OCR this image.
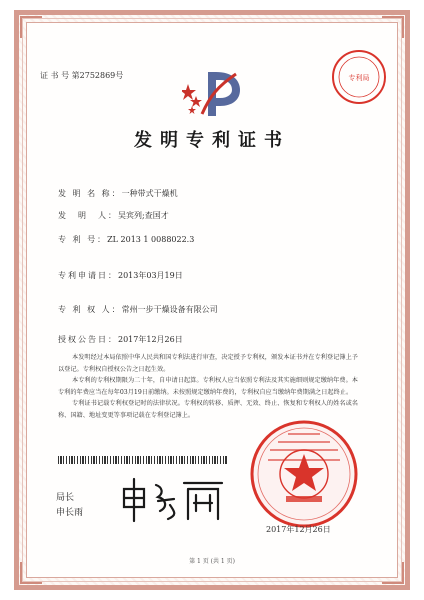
证 书 号 第2752869号	专利局
发明专利证书
发 明 名 称：一种带式干燥机
发　明　人：吴宾列;查国才
专 利 号：ZL 2013 1 0088022.3
专利申请日：2013年03月19日
专 利 权 人：常州一步干燥设备有限公司
授权公告日：2017年12月26日

本发明经过本局依照中华人民共和国专利法进行审查，决定授予专利权，颁发本证书并在专利登记簿上予以登记。专利权自授权公告之日起生效。

本专利的专利权期限为二十年，自申请日起算。专利权人应当依照专利法及其实施细则规定缴纳年费。本专利的年费应当在每年03月19日前缴纳。未按照规定缴纳年费的，专利权自应当缴纳年费期满之日起终止。

专利证书记载专利权登记时的法律状况。专利权的转移、质押、无效、终止、恢复和专利权人的姓名或名称、国籍、地址变更等事项记载在专利登记簿上。

局长
申长雨
2017年12月26日
第 1 页 (共 1 页)
